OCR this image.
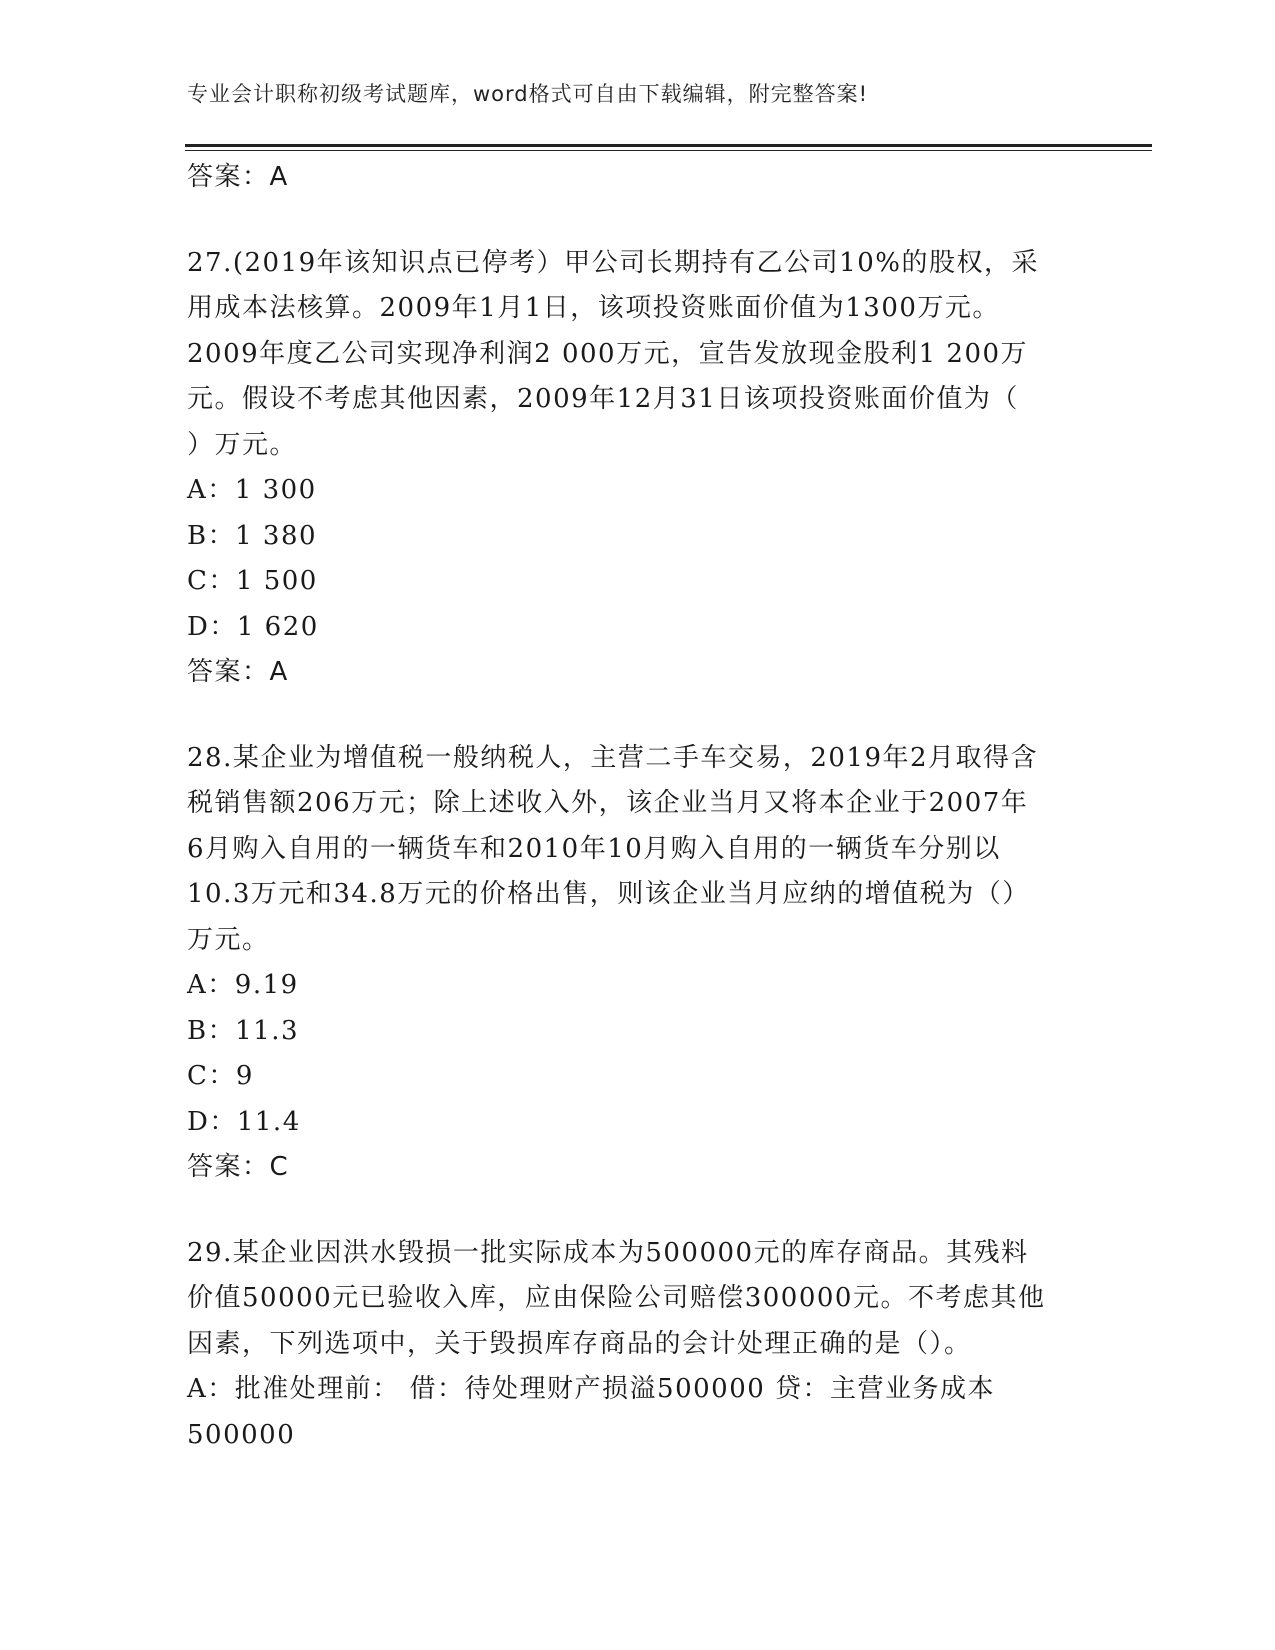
专业会计职称初级考试题库，word格式可自由下载编辑，附完整答案!
答案：A
27.(2019年该知识点已停考）甲公司长期持有乙公司10%的股权，采
用成本法核算。2009年1月1日，该项投资账面价值为1300万元。
2009年度乙公司实现净利润2 000万元，宣告发放现金股利1 200万
元。假设不考虑其他因素，2009年12月31日该项投资账面价值为（
）万元。
A：1 300
B：1 380
C：1 500
D：1 620
答案：A
28.某企业为增值税一般纳税人，主营二手车交易，2019年2月取得含
税销售额206万元；除上述收入外，该企业当月又将本企业于2007年
6月购入自用的一辆货车和2010年10月购入自用的一辆货车分别以
10.3万元和34.8万元的价格出售，则该企业当月应纳的增值税为（）
万元。
A：9.19
B：11.3
C：9
D：11.4
答案：C
29.某企业因洪水毁损一批实际成本为500000元的库存商品。其残料
价值50000元已验收入库，应由保险公司赔偿300000元。不考虑其他
因素，下列选项中，关于毁损库存商品的会计处理正确的是（）。
A：批准处理前： 借：待处理财产损溢500000 贷：主营业务成本
500000
